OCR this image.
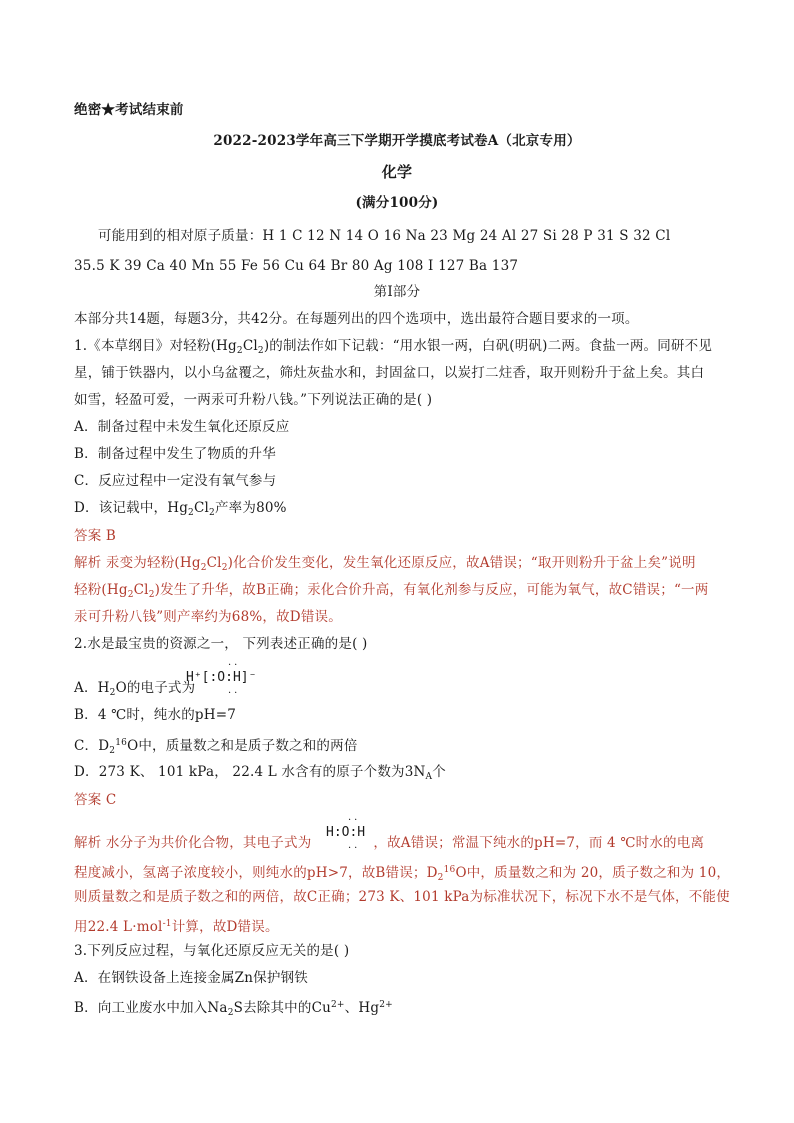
绝密★考试结束前
2022-2023学年高三下学期开学摸底考试卷A（北京专用）
化学
(满分100分)
可能用到的相对原子质量：H 1 C 12 N 14 O 16 Na 23 Mg 24 Al 27 Si 28 P 31 S 32 Cl
35.5 K 39 Ca 40 Mn 55 Fe 56 Cu 64 Br 80 Ag 108 I 127 Ba 137
第Ⅰ部分
本部分共14题，每题3分，共42分。在每题列出的四个选项中，选出最符合题目要求的一项。
1.《本草纲目》对轻粉$(Hg_2Cl_2)$的制法作如下记载：“用水银一两，白矾(明矾)二两。食盐一两。同研不见
星，铺于铁器内，以小乌盆覆之，筛灶灰盐水和，封固盆口，以炭打二炷香，取开则粉升于盆上矣。其白
如雪，轻盈可爱，一两汞可升粉八钱。”下列说法正确的是( )
A．制备过程中未发生氧化还原反应
B．制备过程中发生了物质的升华
C．反应过程中一定没有氧气参与
D．该记载中，$Hg_2Cl_2$产率为80%
答案 B
解析 汞变为轻粉$(Hg_2Cl_2)$化合价发生变化，发生氧化还原反应，故A错误；“取开则粉升于盆上矣”说明
轻粉$(Hg_2Cl_2)$发生了升华，故B正确；汞化合价升高，有氧化剂参与反应，可能为氧气，故C错误；“一两
汞可升粉八钱”则产率约为68%，故D错误。
2.水是最宝贵的资源之一， 下列表述正确的是( )
A．$H_2O$的电子式为
··
H⁺[:O:H]⁻
··
B．4 ℃时，纯水的pH=7
C．$D_2^{16}O$中，质量数之和是质子数之和的两倍
D．273 K、 101 kPa， 22.4 L 水含有的原子个数为$3N_A$个
答案 C
解析 水分子为共价化合物，其电子式为	，故A错误；常温下纯水的pH=7，而 4 ℃时水的电离
··
H:O:H
··
程度减小，氢离子浓度较小，则纯水的pH>7，故B错误；$D_2^{16}O$中，质量数之和为 20，质子数之和为 10，
则质量数之和是质子数之和的两倍，故C正确；273 K、101 kPa为标准状况下，标况下水不是气体，不能使
用22.4 L·mol$^{-1}$计算，故D错误。
3.下列反应过程，与氧化还原反应无关的是( )
A．在钢铁设备上连接金属Zn保护钢铁
B．向工业废水中加入$Na_2S$去除其中的$Cu^{2+}$、$Hg^{2+}$
